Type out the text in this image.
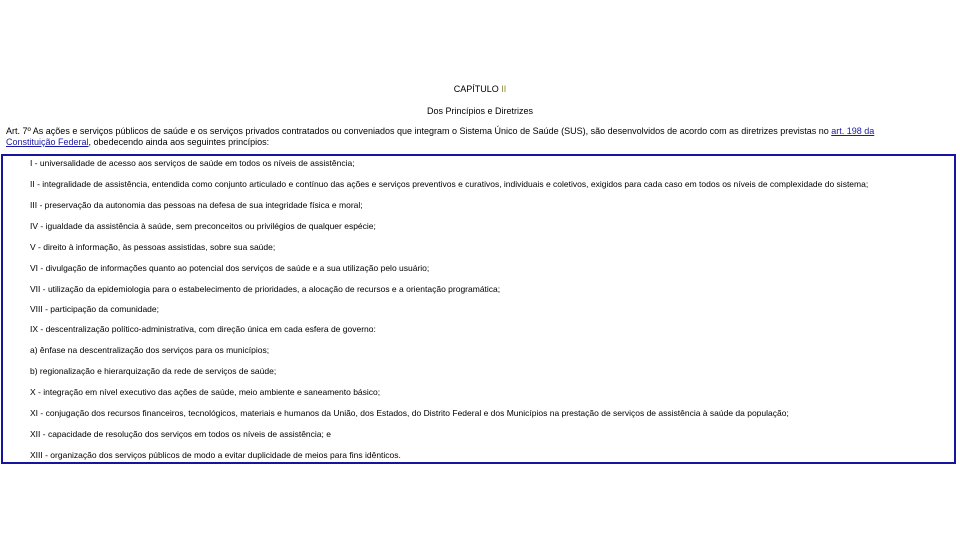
CAPÍTULO II
Dos Princípios e Diretrizes
Art. 7º As ações e serviços públicos de saúde e os serviços privados contratados ou conveniados que integram o Sistema Único de Saúde (SUS), são desenvolvidos de acordo com as diretrizes previstas no art. 198 da
Constituição Federal, obedecendo ainda aos seguintes princípios:
I - universalidade de acesso aos serviços de saúde em todos os níveis de assistência;
II - integralidade de assistência, entendida como conjunto articulado e contínuo das ações e serviços preventivos e curativos, individuais e coletivos, exigidos para cada caso em todos os níveis de complexidade do sistema;
III - preservação da autonomia das pessoas na defesa de sua integridade física e moral;
IV - igualdade da assistência à saúde, sem preconceitos ou privilégios de qualquer espécie;
V - direito à informação, às pessoas assistidas, sobre sua saúde;
VI - divulgação de informações quanto ao potencial dos serviços de saúde e a sua utilização pelo usuário;
VII - utilização da epidemiologia para o estabelecimento de prioridades, a alocação de recursos e a orientação programática;
VIII - participação da comunidade;
IX - descentralização político-administrativa, com direção única em cada esfera de governo:
a) ênfase na descentralização dos serviços para os municípios;
b) regionalização e hierarquização da rede de serviços de saúde;
X - integração em nível executivo das ações de saúde, meio ambiente e saneamento básico;
XI - conjugação dos recursos financeiros, tecnológicos, materiais e humanos da União, dos Estados, do Distrito Federal e dos Municípios na prestação de serviços de assistência à saúde da população;
XII - capacidade de resolução dos serviços em todos os níveis de assistência; e
XIII - organização dos serviços públicos de modo a evitar duplicidade de meios para fins idênticos.
